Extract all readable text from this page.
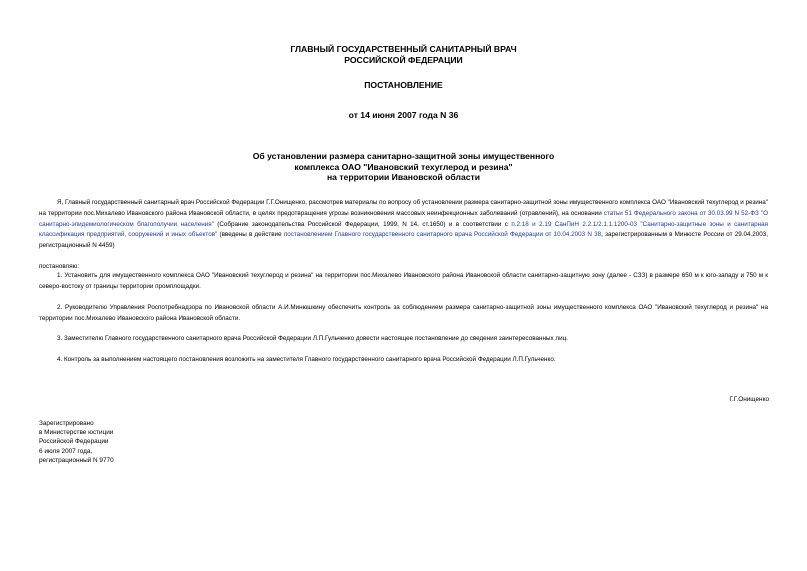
ГЛАВНЫЙ ГОСУДАРСТВЕННЫЙ САНИТАРНЫЙ ВРАЧ
РОССИЙСКОЙ ФЕДЕРАЦИИ
ПОСТАНОВЛЕНИЕ
от 14 июня 2007 года N 36
Об установлении размера санитарно-защитной зоны имущественного
комплекса ОАО "Ивановский техуглерод и резина"
на территории Ивановской области
Я, Главный государственный санитарный врач Российской Федерации Г.Г.Онищенко, рассмотрев материалы по вопросу об установлении размера санитарно-защитной зоны имущественного комплекса ОАО "Ивановский техуглерод и резина" на территории пос.Михалево Ивановского района Ивановской области, в целях предотвращения угрозы возникновения массовых неинфекционных заболеваний (отравлений), на основании статьи 51 Федерального закона от 30.03.99 N 52-ФЗ "О санитарно-эпидемиологическом благополучии населения" (Собрание законодательства Российской Федерации, 1999, N 14, ст.1650) и в соответствии с п.2.18 и 2.19 СанПиН 2.2.1/2.1.1.1200-03 "Санитарно-защитные зоны и санитарная классификация предприятий, сооружений и иных объектов" (введены в действие постановлением Главного государственного санитарного врача Российской Федерации от 10.04.2003 N 38, зарегистрированным в Минюсте России от 29.04.2003, регистрационный N 4459)
постановляю:
1. Установить для имущественного комплекса ОАО "Ивановский техуглерод и резина" на территории пос.Михалево Ивановского района Ивановской области санитарно-защитную зону (далее - СЗЗ) в размере 650 м к юго-западу и 750 м к северо-востоку от границы территории промплощадки.
2. Руководителю Управления Роспотребнадзора по Ивановской области А.И.Минюшкину обеспечить контроль за соблюдением размера санитарно-защитной зоны имущественного комплекса ОАО "Ивановский техуглерод и резина" на территории пос.Михалево Ивановского района Ивановской области.
3. Заместителю Главного государственного санитарного врача Российской Федерации Л.П.Гульченко довести настоящее постановление до сведения заинтересованных лиц.
4. Контроль за выполнением настоящего постановления возложить на заместителя Главного государственного санитарного врача Российской Федерации Л.П.Гульченко.
Г.Г.Онищенко
Зарегистрировано
в Министерстве юстиции
Российской Федерации
6 июля 2007 года,
регистрационный N 9770
